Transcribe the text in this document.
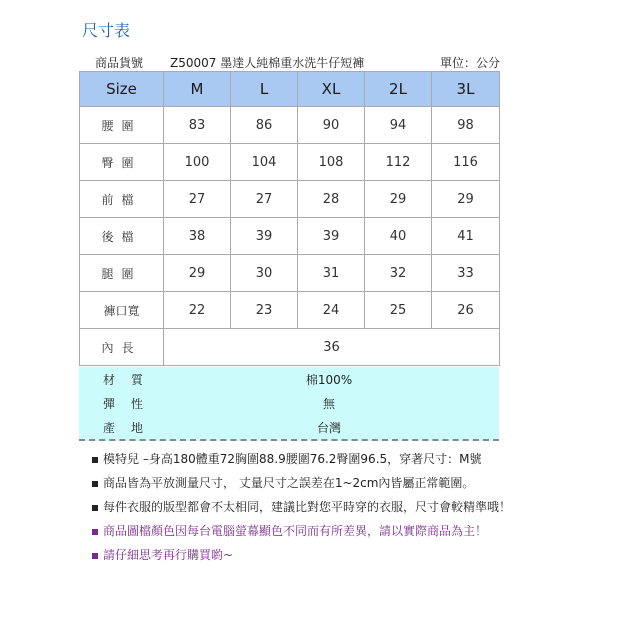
尺寸表
商品貨號 Z50007 墨達人純棉重水洗牛仔短褲	單位：公分
Size	M	L	XL	2L	3L
腰圍	83	86	90	94	98
臀圍	100	104	108	112	116
前檔	27	27	28	29	29
後檔	38	39	39	40	41
腿圍	29	30	31	32	33
褲口寬	22	23	24	25	26
內長	36				
材質	棉100%
彈性	無
產地	台灣
模特兒 –身高180體重72胸圍88.9腰圍76.2臀圍96.5，穿著尺寸：M號
商品皆為平放測量尺寸， 丈量尺寸之誤差在1~2cm內皆屬正常範圍。
每件衣服的版型都會不太相同，建議比對您平時穿的衣服，尺寸會較精準哦！
商品圖檔顏色因每台電腦螢幕顯色不同而有所差異，請以實際商品為主！
請仔細思考再行購買喲~
